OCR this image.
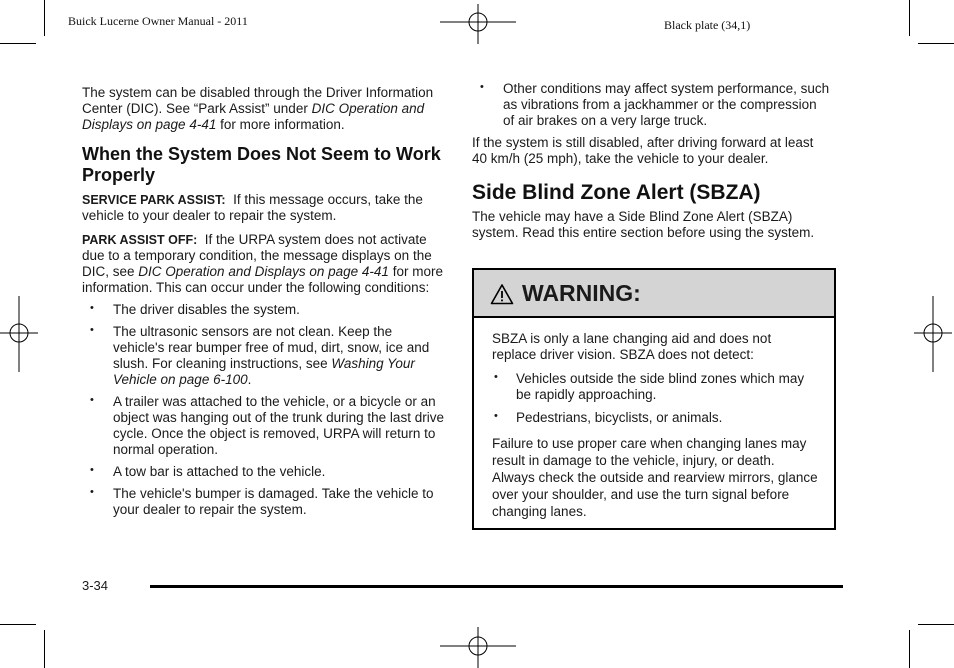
Buick Lucerne Owner Manual - 2011	Black plate (34,1)

The system can be disabled through the Driver Information Center (DIC). See “Park Assist” under DIC Operation and Displays on page 4-41 for more information.

When the System Does Not Seem to Work Properly

SERVICE PARK ASSIST: If this message occurs, take the vehicle to your dealer to repair the system.

PARK ASSIST OFF: If the URPA system does not activate due to a temporary condition, the message displays on the DIC, see DIC Operation and Displays on page 4-41 for more information. This can occur under the following conditions:

• The driver disables the system.
• The ultrasonic sensors are not clean. Keep the vehicle's rear bumper free of mud, dirt, snow, ice and slush. For cleaning instructions, see Washing Your Vehicle on page 6-100.
• A trailer was attached to the vehicle, or a bicycle or an object was hanging out of the trunk during the last drive cycle. Once the object is removed, URPA will return to normal operation.
• A tow bar is attached to the vehicle.
• The vehicle's bumper is damaged. Take the vehicle to your dealer to repair the system.
• Other conditions may affect system performance, such as vibrations from a jackhammer or the compression of air brakes on a very large truck.

If the system is still disabled, after driving forward at least 40 km/h (25 mph), take the vehicle to your dealer.

Side Blind Zone Alert (SBZA)

The vehicle may have a Side Blind Zone Alert (SBZA) system. Read this entire section before using the system.

WARNING:

SBZA is only a lane changing aid and does not replace driver vision. SBZA does not detect:

• Vehicles outside the side blind zones which may be rapidly approaching.
• Pedestrians, bicyclists, or animals.

Failure to use proper care when changing lanes may result in damage to the vehicle, injury, or death. Always check the outside and rearview mirrors, glance over your shoulder, and use the turn signal before changing lanes.

3-34
